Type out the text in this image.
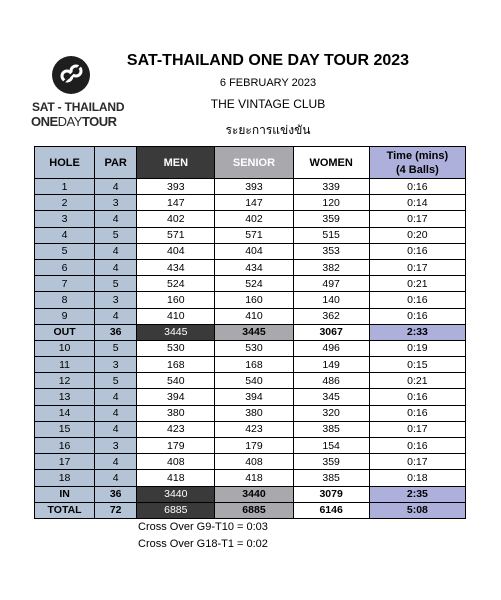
SAT - THAILAND
ONEDAYTOUR
SAT-THAILAND ONE DAY TOUR 2023
6 FEBRUARY 2023
THE VINTAGE CLUB
ระยะการแข่งขัน
HOLE	PAR	MEN	SENIOR	WOMEN	Time (mins)
(4 Balls)
1	4	393	393	339	0:16
2	3	147	147	120	0:14
3	4	402	402	359	0:17
4	5	571	571	515	0:20
5	4	404	404	353	0:16
6	4	434	434	382	0:17
7	5	524	524	497	0:21
8	3	160	160	140	0:16
9	4	410	410	362	0:16
OUT	36	3445	3445	3067	2:33
10	5	530	530	496	0:19
11	3	168	168	149	0:15
12	5	540	540	486	0:21
13	4	394	394	345	0:16
14	4	380	380	320	0:16
15	4	423	423	385	0:17
16	3	179	179	154	0:16
17	4	408	408	359	0:17
18	4	418	418	385	0:18
IN	36	3440	3440	3079	2:35
TOTAL	72	6885	6885	6146	5:08
Cross Over G9-T10 = 0:03
Cross Over G18-T1 = 0:02
